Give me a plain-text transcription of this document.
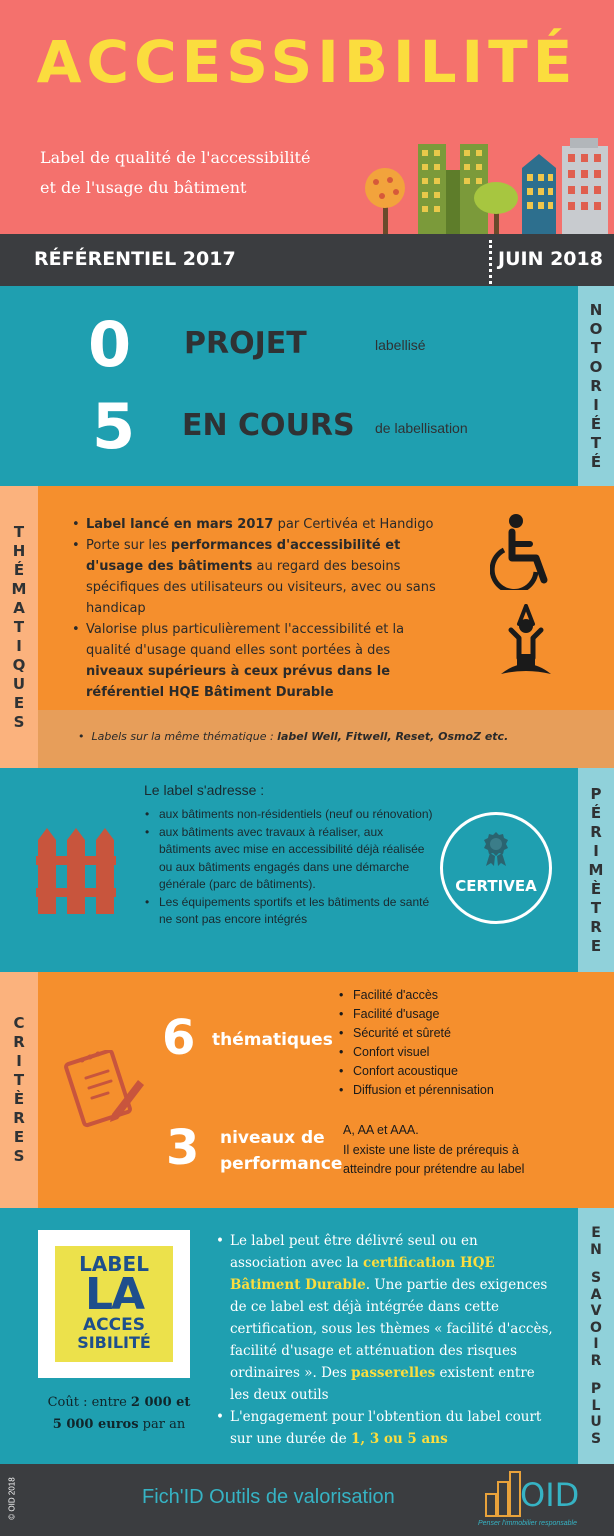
ACCESSIBILITÉ
Label de qualité de l'accessibilité
et de l'usage du bâtiment
RÉFÉRENTIEL 2017	JUIN 2018
0 PROJET	labellisé
5 EN COURS de labellisation
N
O
T
O
R
I
É
T
É
T
H
É
M
A
T
I
Q
U
E
S
• Label lancé en mars 2017 par Certivéa et Handigo
• Porte sur les performances d'accessibilité et d'usage des bâtiments au regard des besoins spécifiques des utilisateurs ou visiteurs, avec ou sans handicap
• Valorise plus particulièrement l'accessibilité et la qualité d'usage quand elles sont portées à des niveaux supérieurs à ceux prévus dans le référentiel HQE Bâtiment Durable
•  Labels sur la même thématique : label Well, Fitwell, Reset, OsmoZ etc.
Le label s'adresse :
• aux bâtiments non-résidentiels (neuf ou rénovation)
• aux bâtiments avec travaux à réaliser, aux bâtiments avec mise en accessibilité déjà réalisée ou aux bâtiments engagés dans une démarche générale (parc de bâtiments).
• Les équipements sportifs et les bâtiments de santé ne sont pas encore intégrés
CERTIVEA
P
É
R
I
M
È
T
R
E
C
R
I
T
È
R
E
S
6 thématiques
• Facilité d'accès
• Facilité d'usage
• Sécurité et sûreté
• Confort visuel
• Confort acoustique
• Diffusion et pérennisation
3 niveaux de
performance
A, AA et AAA.
Il existe une liste de prérequis à atteindre pour prétendre au label
LABEL
LA
ACCES
SIBILITÉ
Coût : entre 2 000 et 5 000 euros par an
• Le label peut être délivré seul ou en association avec la certification HQE Bâtiment Durable. Une partie des exigences de ce label est déjà intégrée dans cette certification, sous les thèmes « facilité d'accès, facilité d'usage et atténuation des risques ordinaires ». Des passerelles existent entre les deux outils
• L'engagement pour l'obtention du label court sur une durée de 1, 3 ou 5 ans
E
N
S
A
V
O
I
R
P
L
U
S
© OID 2018	Fich'ID Outils de valorisation	OID
Penser l'immobilier responsable
